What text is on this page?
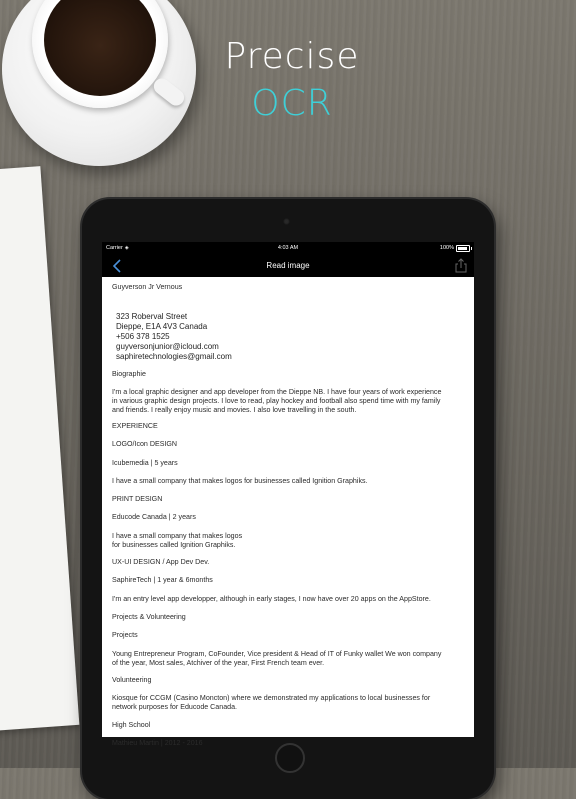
Precise
OCR
Carrier ◈	4:03 AM	100%
Read image
Guyverson Jr Vernous
323 Roberval Street
Dieppe, E1A 4V3 Canada
+506 378 1525
guyversonjunior@icloud.com
saphiretechnologies@gmail.com
Biographie
I'm a local graphic designer and app developer from the Dieppe NB. I have four years of work experience
in various graphic design projects. I love to read, play hockey and football also spend time with my family
and friends. I really enjoy music and movies. I also love travelling in the south.
EXPERIENCE
LOGO/Icon DESIGN
Icubemedia | 5 years
I have a small company that makes logos for businesses called Ignition Graphiks.
PRINT DESIGN
Educode Canada | 2 years
I have a small company that makes logos
for businesses called Ignition Graphiks.
UX-UI DESIGN / App Dev Dev.
SaphireTech | 1 year & 6months
I'm an entry level app developper, although in early stages, I now have over 20 apps on the AppStore.
Projects & Volunteering
Projects
Young Entrepreneur Program, CoFounder, Vice president & Head of IT of Funky wallet We won company
of the year, Most sales, Atchiver of the year, First French team ever.
Volunteering
Kiosque for CCGM (Casino Moncton) where we demonstrated my applications to local businesses for
network purposes for Educode Canada.
High School
Mathieu Martin | 2012 - 2016
